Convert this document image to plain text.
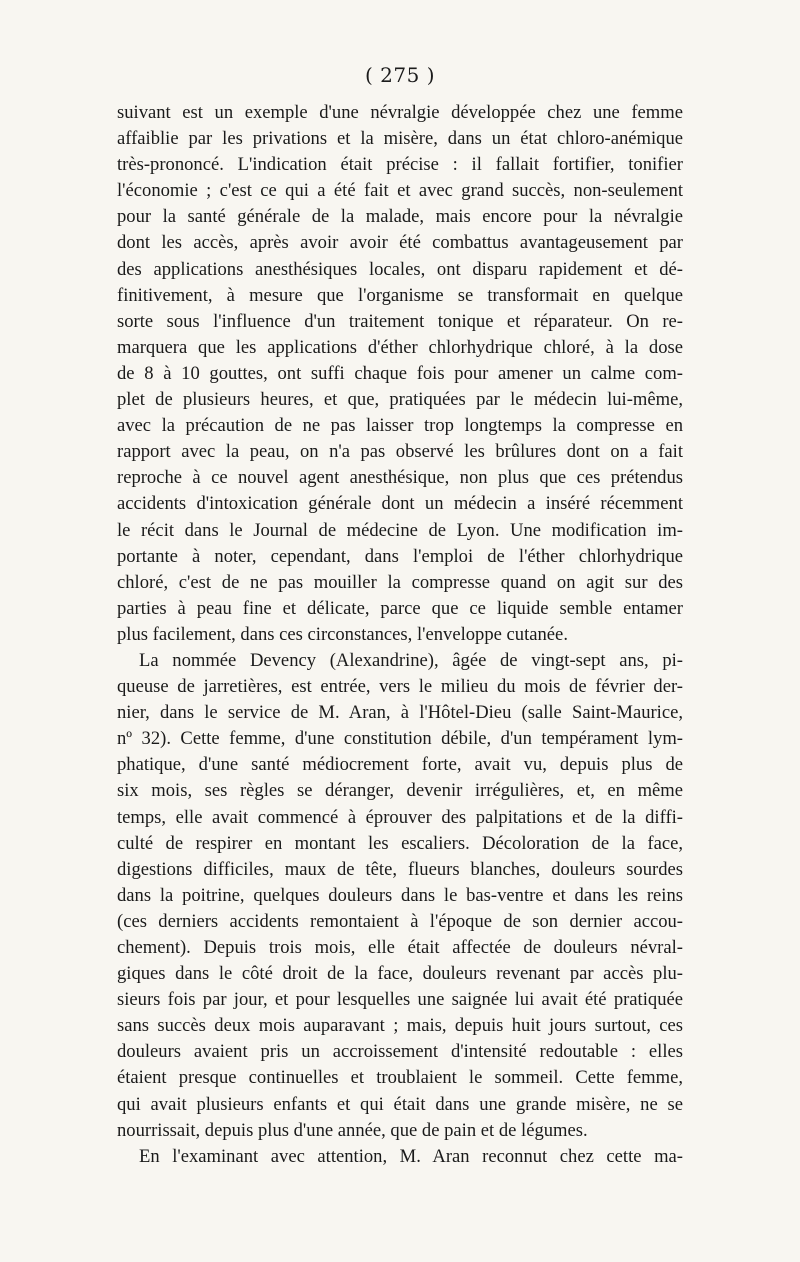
( 275 )
suivant est un exemple d'une névralgie développée chez une femme
affaiblie par les privations et la misère, dans un état chloro-anémique
très-prononcé. L'indication était précise : il fallait fortifier, tonifier
l'économie ; c'est ce qui a été fait et avec grand succès, non-seulement
pour la santé générale de la malade, mais encore pour la névralgie
dont les accès, après avoir avoir été combattus avantageusement par
des applications anesthésiques locales, ont disparu rapidement et dé-
finitivement, à mesure que l'organisme se transformait en quelque
sorte sous l'influence d'un traitement tonique et réparateur. On re-
marquera que les applications d'éther chlorhydrique chloré, à la dose
de 8 à 10 gouttes, ont suffi chaque fois pour amener un calme com-
plet de plusieurs heures, et que, pratiquées par le médecin lui-même,
avec la précaution de ne pas laisser trop longtemps la compresse en
rapport avec la peau, on n'a pas observé les brûlures dont on a fait
reproche à ce nouvel agent anesthésique, non plus que ces prétendus
accidents d'intoxication générale dont un médecin a inséré récemment
le récit dans le Journal de médecine de Lyon. Une modification im-
portante à noter, cependant, dans l'emploi de l'éther chlorhydrique
chloré, c'est de ne pas mouiller la compresse quand on agit sur des
parties à peau fine et délicate, parce que ce liquide semble entamer
plus facilement, dans ces circonstances, l'enveloppe cutanée.
La nommée Devency (Alexandrine), âgée de vingt-sept ans, pi-
queuse de jarretières, est entrée, vers le milieu du mois de février der-
nier, dans le service de M. Aran, à l'Hôtel-Dieu (salle Saint-Maurice,
nº 32). Cette femme, d'une constitution débile, d'un tempérament lym-
phatique, d'une santé médiocrement forte, avait vu, depuis plus de
six mois, ses règles se déranger, devenir irrégulières, et, en même
temps, elle avait commencé à éprouver des palpitations et de la diffi-
culté de respirer en montant les escaliers. Décoloration de la face,
digestions difficiles, maux de tête, flueurs blanches, douleurs sourdes
dans la poitrine, quelques douleurs dans le bas-ventre et dans les reins
(ces derniers accidents remontaient à l'époque de son dernier accou-
chement). Depuis trois mois, elle était affectée de douleurs névral-
giques dans le côté droit de la face, douleurs revenant par accès plu-
sieurs fois par jour, et pour lesquelles une saignée lui avait été pratiquée
sans succès deux mois auparavant ; mais, depuis huit jours surtout, ces
douleurs avaient pris un accroissement d'intensité redoutable : elles
étaient presque continuelles et troublaient le sommeil. Cette femme,
qui avait plusieurs enfants et qui était dans une grande misère, ne se
nourrissait, depuis plus d'une année, que de pain et de légumes.
En l'examinant avec attention, M. Aran reconnut chez cette ma-
